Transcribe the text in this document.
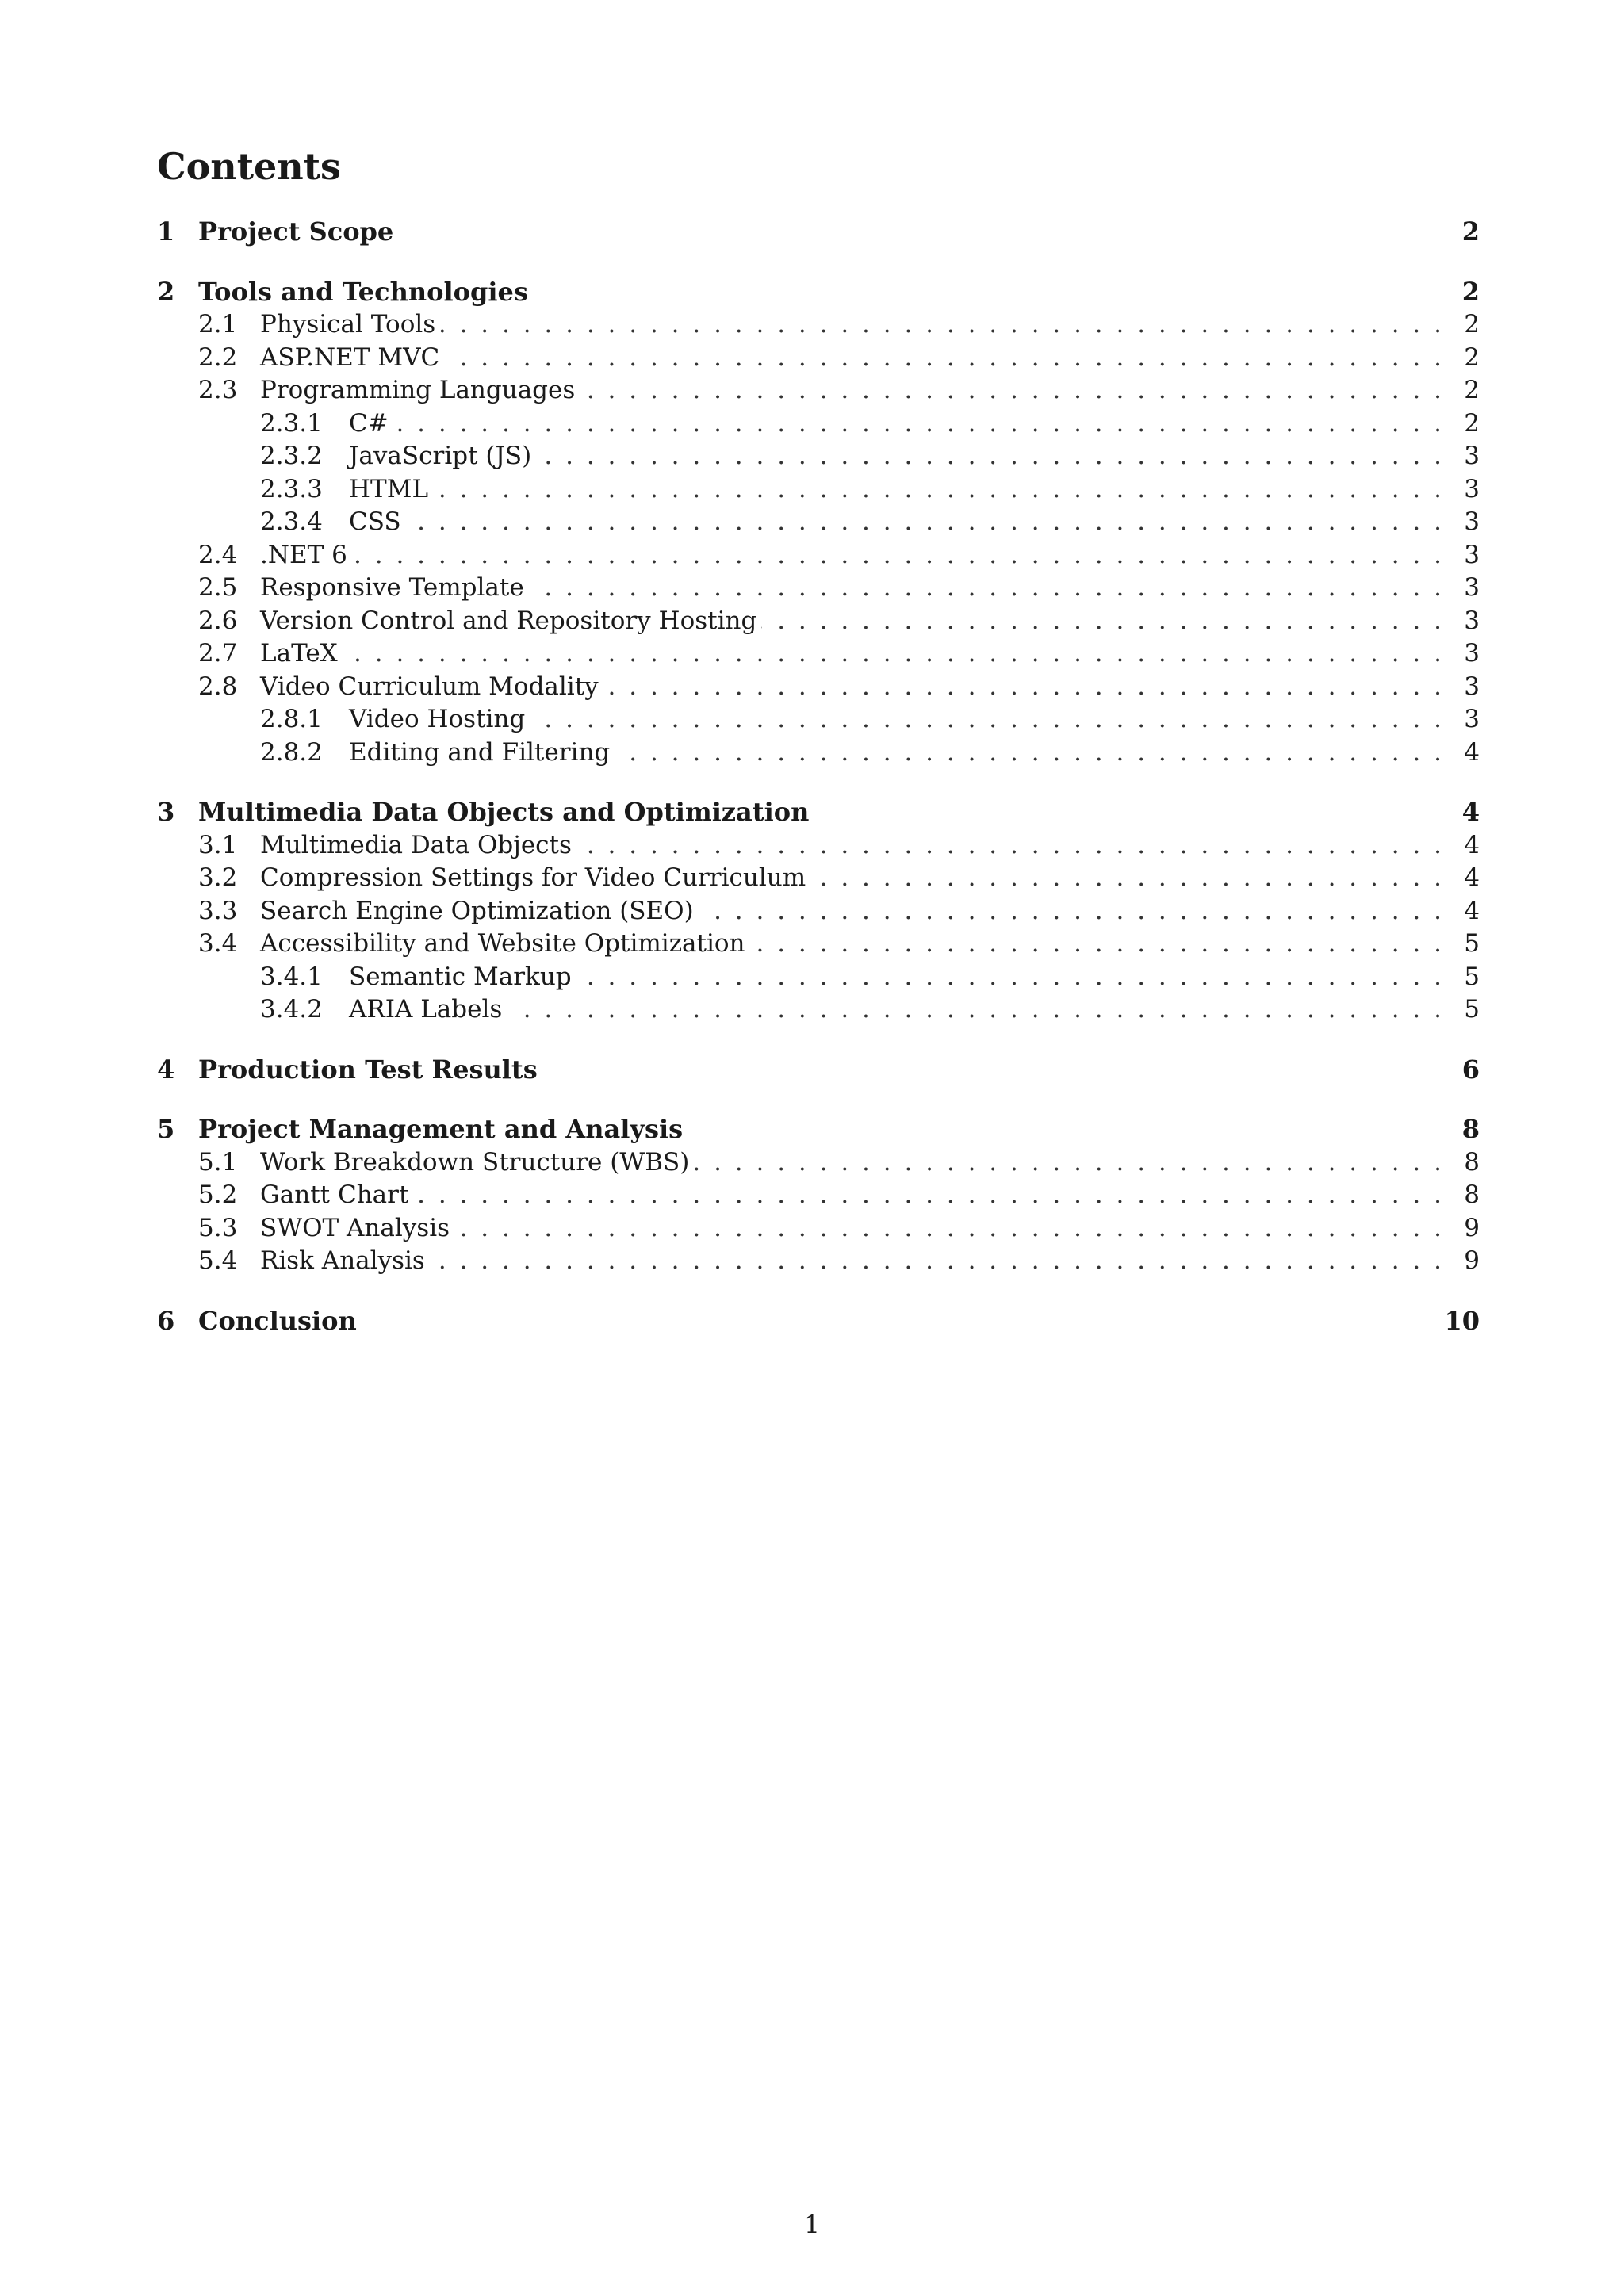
Contents
1 Project Scope	2
2 Tools and Technologies	2
2.1 Physical Tools . . .	2
2.2 ASP.NET MVC . . .	2
2.3 Programming Languages . . .	2
2.3.1	C# . . .	2
2.3.2	JavaScript (JS) . . .	3
2.3.3	HTML . . .	3
2.3.4	CSS . . .	3
2.4 .NET 6 . . .	3
2.5 Responsive Template . . .	3
2.6 Version Control and Repository Hosting . . .	3
2.7 LaTeX . . .	3
2.8 Video Curriculum Modality . . .	3
2.8.1	Video Hosting . . .	3
2.8.2	Editing and Filtering . . .	4
3 Multimedia Data Objects and Optimization	4
3.1 Multimedia Data Objects . . .	4
3.2 Compression Settings for Video Curriculum . . .	4
3.3 Search Engine Optimization (SEO) . . .	4
3.4 Accessibility and Website Optimization . . .	5
3.4.1	Semantic Markup . . .	5
3.4.2	ARIA Labels . . .	5
4 Production Test Results	6
5 Project Management and Analysis	8
5.1 Work Breakdown Structure (WBS) . . .	8
5.2 Gantt Chart . . .	8
5.3 SWOT Analysis . . .	9
5.4 Risk Analysis . . .	9
6 Conclusion	10
1
